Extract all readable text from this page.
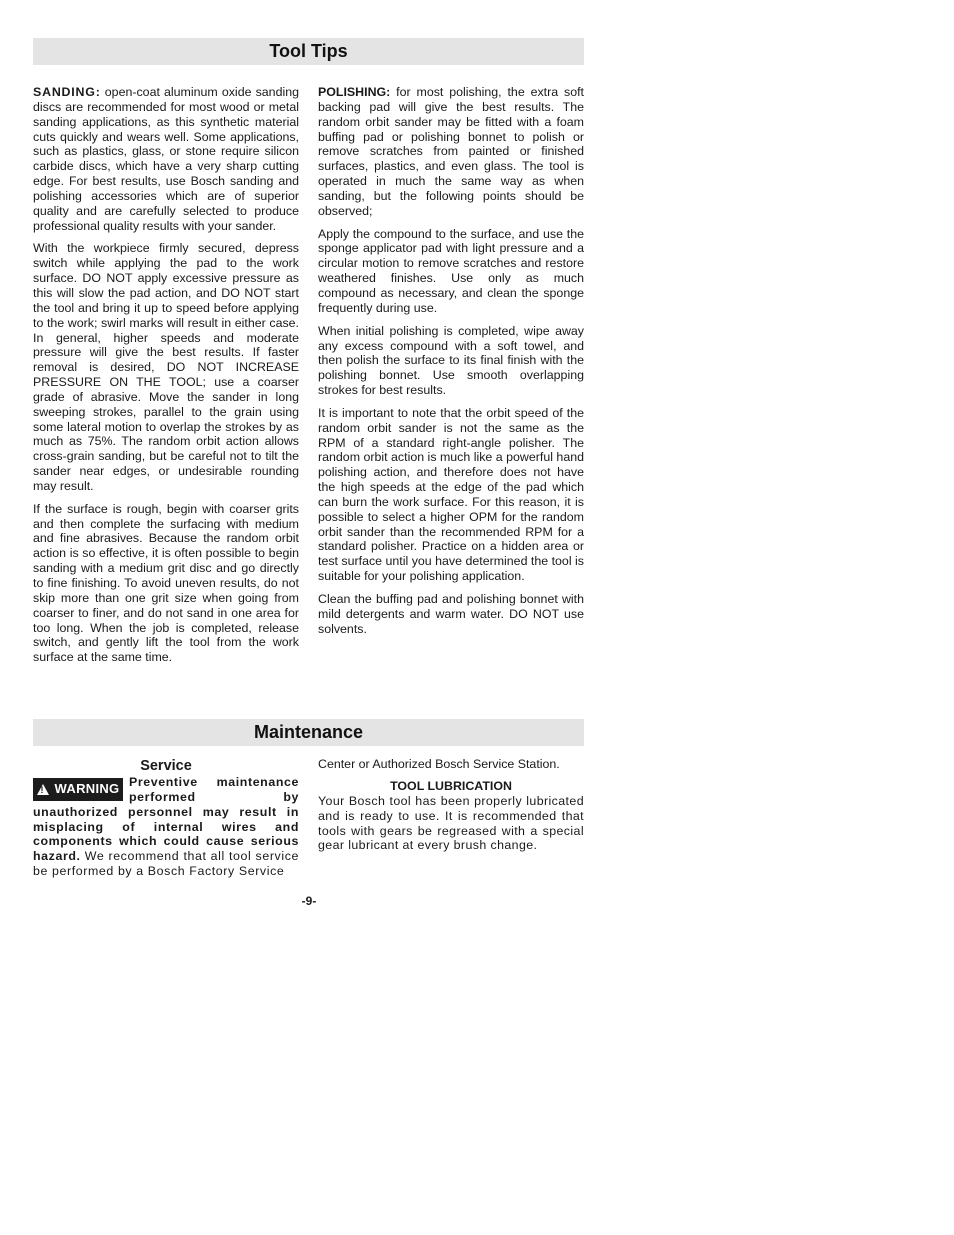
Tool Tips

SANDING: open-coat aluminum oxide sanding discs are recommended for most wood or metal sanding applications, as this synthetic material cuts quickly and wears well. Some applications, such as plastics, glass, or stone require silicon carbide discs, which have a very sharp cutting edge. For best results, use Bosch sanding and polishing accessories which are of superior quality and are carefully selected to produce professional quality results with your sander.

With the workpiece firmly secured, depress switch while applying the pad to the work surface. DO NOT apply excessive pressure as this will slow the pad action, and DO NOT start the tool and bring it up to speed before applying to the work; swirl marks will result in either case. In general, higher speeds and moderate pressure will give the best results. If faster removal is desired, DO NOT INCREASE PRESSURE ON THE TOOL; use a coarser grade of abrasive. Move the sander in long sweeping strokes, parallel to the grain using some lateral motion to overlap the strokes by as much as 75%. The random orbit action allows cross-grain sanding, but be careful not to tilt the sander near edges, or undesirable rounding may result.

If the surface is rough, begin with coarser grits and then complete the surfacing with medium and fine abrasives. Because the random orbit action is so effective, it is often possible to begin sanding with a medium grit disc and go directly to fine finishing. To avoid uneven results, do not skip more than one grit size when going from coarser to finer, and do not sand in one area for too long. When the job is completed, release switch, and gently lift the tool from the work surface at the same time.

POLISHING: for most polishing, the extra soft backing pad will give the best results. The random orbit sander may be fitted with a foam buffing pad or polishing bonnet to polish or remove scratches from painted or finished surfaces, plastics, and even glass. The tool is operated in much the same way as when sanding, but the following points should be observed;

Apply the compound to the surface, and use the sponge applicator pad with light pressure and a circular motion to remove scratches and restore weathered finishes. Use only as much compound as necessary, and clean the sponge frequently during use.

When initial polishing is completed, wipe away any excess compound with a soft towel, and then polish the surface to its final finish with the polishing bonnet. Use smooth overlapping strokes for best results.

It is important to note that the orbit speed of the random orbit sander is not the same as the RPM of a standard right-angle polisher. The random orbit action is much like a powerful hand polishing action, and therefore does not have the high speeds at the edge of the pad which can burn the work surface. For this reason, it is possible to select a higher OPM for the random orbit sander than the recommended RPM for a standard polisher. Practice on a hidden area or test surface until you have determined the tool is suitable for your polishing application.

Clean the buffing pad and polishing bonnet with mild detergents and warm water. DO NOT use solvents.

Maintenance
Service

! WARNING Preventive maintenance performed by unauthorized personnel may result in misplacing of internal wires and components which could cause serious hazard. We recommend that all tool service be performed by a Bosch Factory Service

Center or Authorized Bosch Service Station.

TOOL LUBRICATION

Your Bosch tool has been properly lubricated and is ready to use. It is recommended that tools with gears be regreased with a special gear lubricant at every brush change.

-9-
